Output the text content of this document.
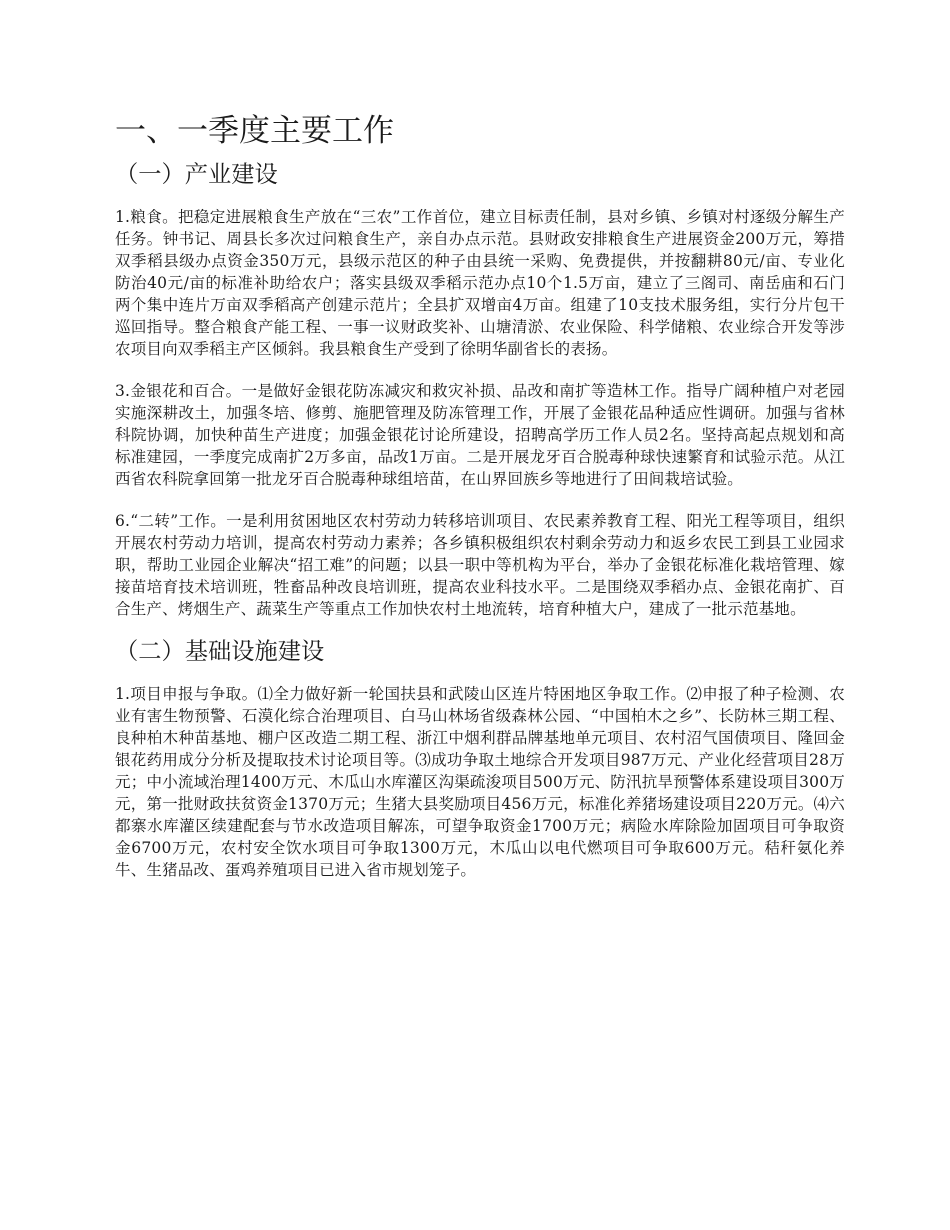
一、一季度主要工作
（一）产业建设

1.粮食。把稳定进展粮食生产放在“三农”工作首位，建立目标责任制，县对乡镇、乡镇对村逐级分解生产任务。钟书记、周县长多次过问粮食生产，亲自办点示范。县财政安排粮食生产进展资金200万元，筹措双季稻县级办点资金350万元，县级示范区的种子由县统一采购、免费提供，并按翻耕80元/亩、专业化防治40元/亩的标准补助给农户；落实县级双季稻示范办点10个1.5万亩，建立了三阁司、南岳庙和石门两个集中连片万亩双季稻高产创建示范片；全县扩双增亩4万亩。组建了10支技术服务组，实行分片包干巡回指导。整合粮食产能工程、一事一议财政奖补、山塘清淤、农业保险、科学储粮、农业综合开发等涉农项目向双季稻主产区倾斜。我县粮食生产受到了徐明华副省长的表扬。

3.金银花和百合。一是做好金银花防冻减灾和救灾补损、品改和南扩等造林工作。指导广阔种植户对老园实施深耕改土，加强冬培、修剪、施肥管理及防冻管理工作，开展了金银花品种适应性调研。加强与省林科院协调，加快种苗生产进度；加强金银花讨论所建设，招聘高学历工作人员2名。坚持高起点规划和高标准建园，一季度完成南扩2万多亩，品改1万亩。二是开展龙牙百合脱毒种球快速繁育和试验示范。从江西省农科院拿回第一批龙牙百合脱毒种球组培苗，在山界回族乡等地进行了田间栽培试验。

6.“二转”工作。一是利用贫困地区农村劳动力转移培训项目、农民素养教育工程、阳光工程等项目，组织开展农村劳动力培训，提高农村劳动力素养；各乡镇积极组织农村剩余劳动力和返乡农民工到县工业园求职，帮助工业园企业解决“招工难”的问题；以县一职中等机构为平台，举办了金银花标准化栽培管理、嫁接苗培育技术培训班，牲畜品种改良培训班，提高农业科技水平。二是围绕双季稻办点、金银花南扩、百合生产、烤烟生产、蔬菜生产等重点工作加快农村土地流转，培育种植大户，建成了一批示范基地。

（二）基础设施建设

1.项目申报与争取。⑴全力做好新一轮国扶县和武陵山区连片特困地区争取工作。⑵申报了种子检测、农业有害生物预警、石漠化综合治理项目、白马山林场省级森林公园、“中国柏木之乡”、长防林三期工程、良种柏木种苗基地、棚户区改造二期工程、浙江中烟利群品牌基地单元项目、农村沼气国债项目、隆回金银花药用成分分析及提取技术讨论项目等。⑶成功争取土地综合开发项目987万元、产业化经营项目28万元；中小流域治理1400万元、木瓜山水库灌区沟渠疏浚项目500万元、防汛抗旱预警体系建设项目300万元，第一批财政扶贫资金1370万元；生猪大县奖励项目456万元，标准化养猪场建设项目220万元。⑷六都寨水库灌区续建配套与节水改造项目解冻，可望争取资金1700万元；病险水库除险加固项目可争取资金6700万元，农村安全饮水项目可争取1300万元，木瓜山以电代燃项目可争取600万元。秸秆氨化养牛、生猪品改、蛋鸡养殖项目已进入省市规划笼子。
